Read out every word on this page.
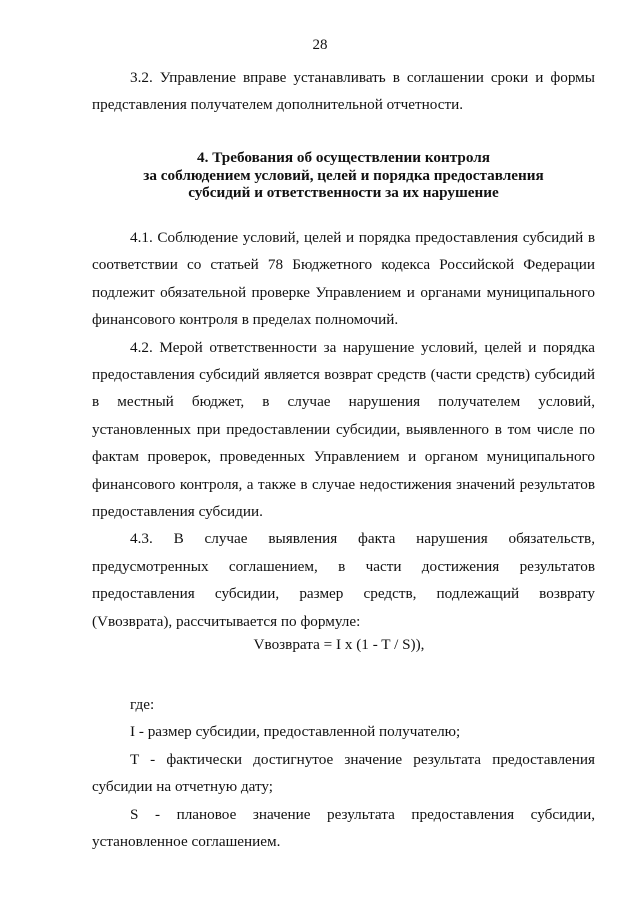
28

3.2. Управление вправе устанавливать в соглашении сроки и формы представления получателем дополнительной отчетности.

4. Требования об осуществлении контроля
за соблюдением условий, целей и порядка предоставления
субсидий и ответственности за их нарушение

4.1. Соблюдение условий, целей и порядка предоставления субсидий в соответствии со статьей 78 Бюджетного кодекса Российской Федерации подлежит обязательной проверке Управлением и органами муниципального финансового контроля в пределах полномочий.

4.2. Мерой ответственности за нарушение условий, целей и порядка предоставления субсидий является возврат средств (части средств) субсидий в местный бюджет, в случае нарушения получателем условий, установленных при предоставлении субсидии, выявленного в том числе по фактам проверок, проведенных Управлением и органом муниципального финансового контроля, а также в случае недостижения значений результатов предоставления субсидии.

4.3. В случае выявления факта нарушения обязательств, предусмотренных соглашением, в части достижения результатов предоставления субсидии, размер средств, подлежащий возврату (Vвозврата), рассчитывается по формуле:

Vвозврата = I x (1 - T / S)),

где:

I - размер субсидии, предоставленной получателю;

T - фактически достигнутое значение результата предоставления субсидии на отчетную дату;

S - плановое значение результата предоставления субсидии, установленное соглашением.
